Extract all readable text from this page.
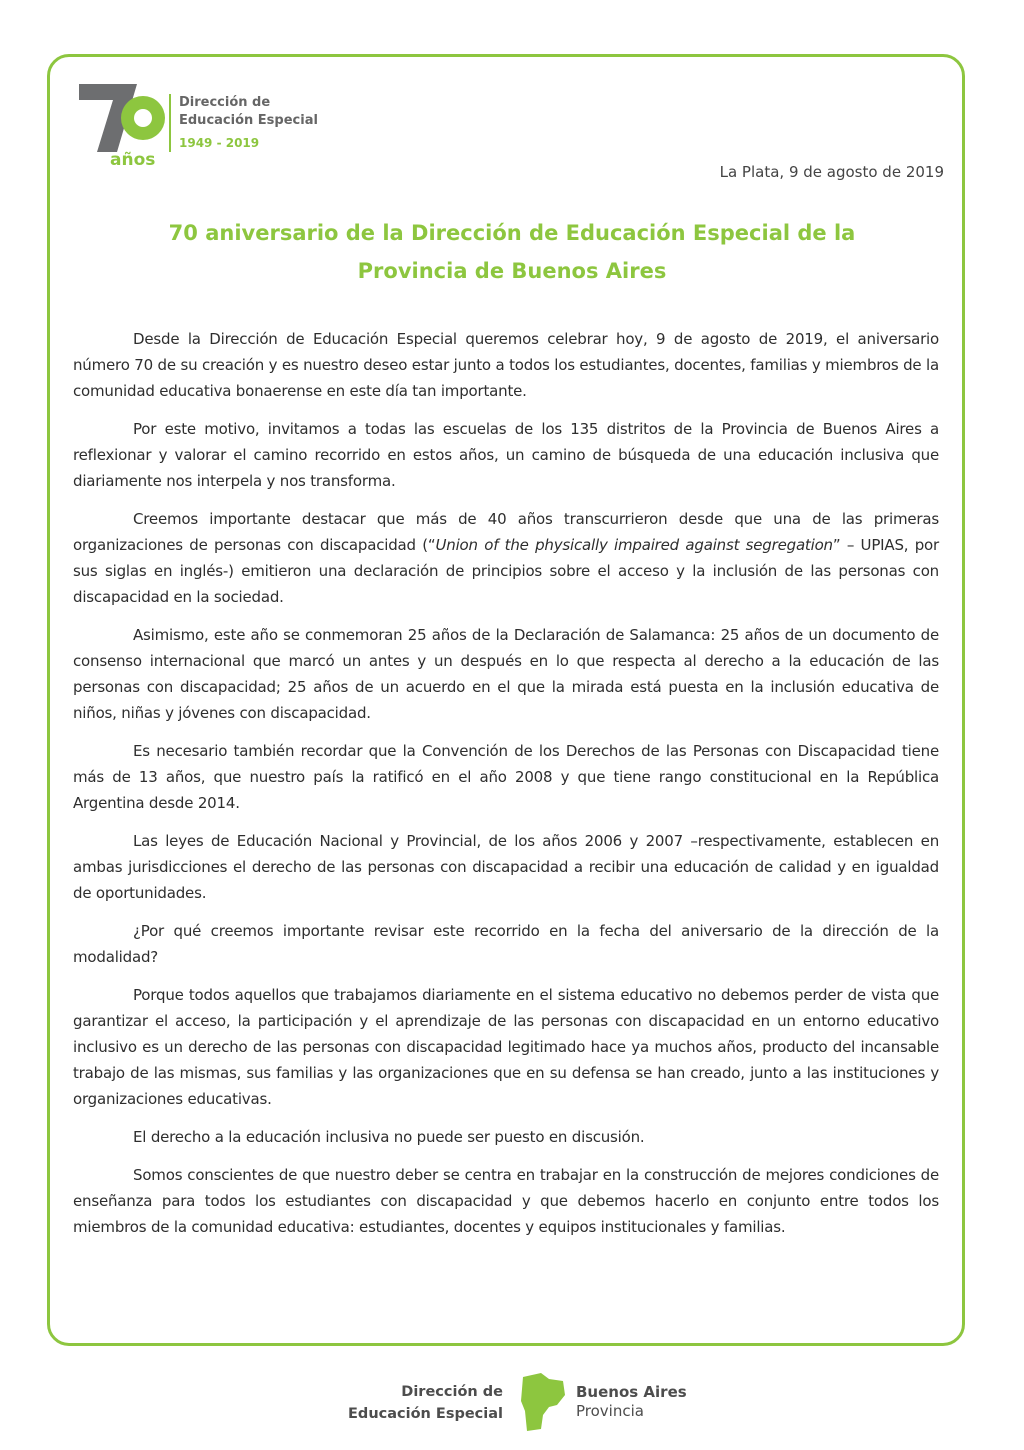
años
Dirección de
Educación Especial
1949 - 2019
La Plata, 9 de agosto de 2019
70 aniversario de la Dirección de Educación Especial de la
Provincia de Buenos Aires

Desde la Dirección de Educación Especial queremos celebrar hoy, 9 de agosto de 2019, el aniversario número 70 de su creación y es nuestro deseo estar junto a todos los estudiantes, docentes, familias y miembros de la comunidad educativa bonaerense en este día tan importante.

Por este motivo, invitamos a todas las escuelas de los 135 distritos de la Provincia de Buenos Aires a reflexionar y valorar el camino recorrido en estos años, un camino de búsqueda de una educación inclusiva que diariamente nos interpela y nos transforma.

Creemos importante destacar que más de 40 años transcurrieron desde que una de las primeras organizaciones de personas con discapacidad (“Union of the physically impaired against segregation” – UPIAS, por sus siglas en inglés-) emitieron una declaración de principios sobre el acceso y la inclusión de las personas con discapacidad en la sociedad.

Asimismo, este año se conmemoran 25 años de la Declaración de Salamanca: 25 años de un documento de consenso internacional que marcó un antes y un después en lo que respecta al derecho a la educación de las personas con discapacidad; 25 años de un acuerdo en el que la mirada está puesta en la inclusión educativa de niños, niñas y jóvenes con discapacidad.

Es necesario también recordar que la Convención de los Derechos de las Personas con Discapacidad tiene más de 13 años, que nuestro país la ratificó en el año 2008 y que tiene rango constitucional en la República Argentina desde 2014.

Las leyes de Educación Nacional y Provincial, de los años 2006 y 2007 –respectivamente, establecen en ambas jurisdicciones el derecho de las personas con discapacidad a recibir una educación de calidad y en igualdad de oportunidades.

¿Por qué creemos importante revisar este recorrido en la fecha del aniversario de la dirección de la modalidad?

Porque todos aquellos que trabajamos diariamente en el sistema educativo no debemos perder de vista que garantizar el acceso, la participación y el aprendizaje de las personas con discapacidad en un entorno educativo inclusivo es un derecho de las personas con discapacidad legitimado hace ya muchos años, producto del incansable trabajo de las mismas, sus familias y las organizaciones que en su defensa se han creado, junto a las instituciones y organizaciones educativas.

El derecho a la educación inclusiva no puede ser puesto en discusión.

Somos conscientes de que nuestro deber se centra en trabajar en la construcción de mejores condiciones de enseñanza para todos los estudiantes con discapacidad y que debemos hacerlo en conjunto entre todos los miembros de la comunidad educativa: estudiantes, docentes y equipos institucionales y familias.

Dirección de
Educación Especial
Buenos Aires
Provincia
